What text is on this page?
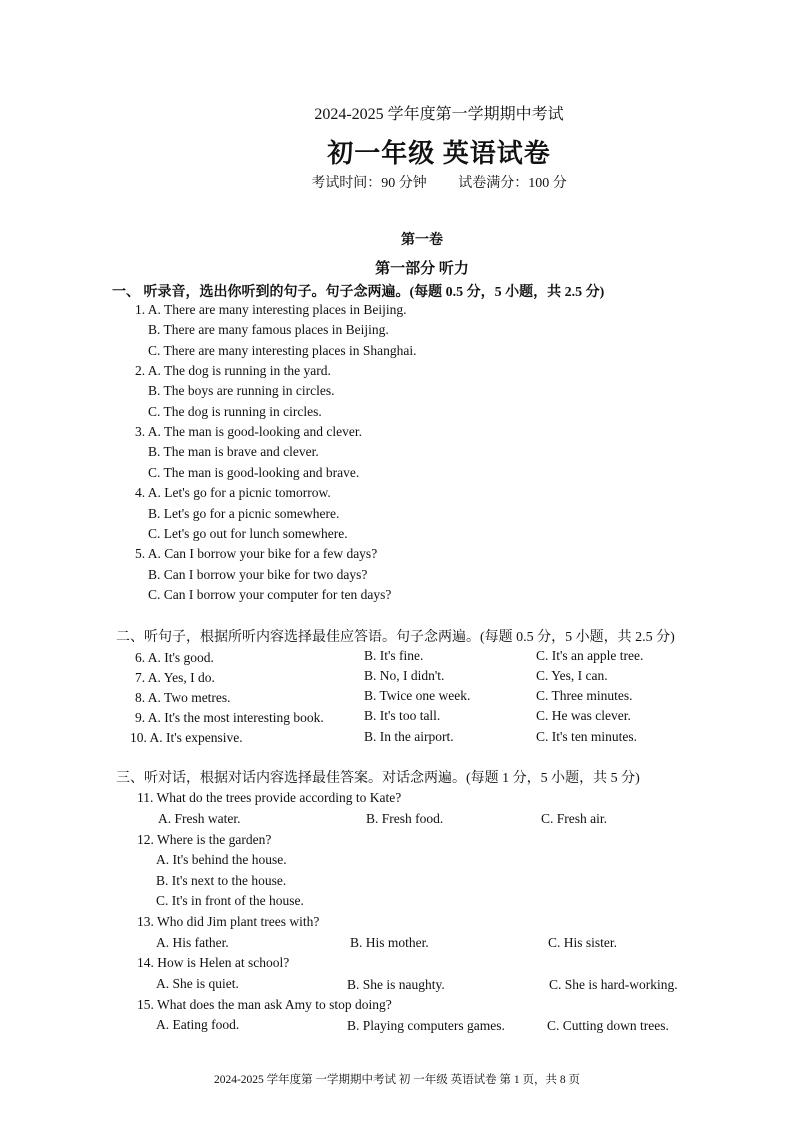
2024-2025 学年度第一学期期中考试
初一年级 英语试卷
考试时间：90 分钟 试卷满分：100 分
第一卷
第一部分 听力
一、 听录音，选出你听到的句子。句子念两遍。(每题 0.5 分，5 小题，共 2.5 分)
1. A. There are many interesting places in Beijing.
B. There are many famous places in Beijing.
C. There are many interesting places in Shanghai.
2. A. The dog is running in the yard.
B. The boys are running in circles.
C. The dog is running in circles.
3. A. The man is good-looking and clever.
B. The man is brave and clever.
C. The man is good-looking and brave.
4. A. Let's go for a picnic tomorrow.
B. Let's go for a picnic somewhere.
C. Let's go out for lunch somewhere.
5. A. Can I borrow your bike for a few days?
B. Can I borrow your bike for two days?
C. Can I borrow your computer for ten days?
二、听句子，根据所听内容选择最佳应答语。句子念两遍。(每题 0.5 分，5 小题，共 2.5 分)
6. A. It's good.	B. It's fine.	C. It's an apple tree.
7. A. Yes, I do.	B. No, I didn't.	C. Yes, I can.
8. A. Two metres.	B. Twice one week.	C. Three minutes.
9. A. It's the most interesting book.	B. It's too tall.	C. He was clever.
10. A. It's expensive.	B. In the airport.	C. It's ten minutes.
三、听对话，根据对话内容选择最佳答案。对话念两遍。(每题 1 分，5 小题，共 5 分)
11. What do the trees provide according to Kate?
A. Fresh water.	B. Fresh food.	C. Fresh air.
12. Where is the garden?
A. It's behind the house.
B. It's next to the house.
C. It's in front of the house.
13. Who did Jim plant trees with?
A. His father.	B. His mother.	C. His sister.
14. How is Helen at school?
A. She is quiet.	B. She is naughty.	C. She is hard-working.
15. What does the man ask Amy to stop doing?
A. Eating food.	B. Playing computers games.	C. Cutting down trees.
2024-2025 学年度第 一学期期中考试 初 一年级 英语试卷 第 1 页，共 8 页
